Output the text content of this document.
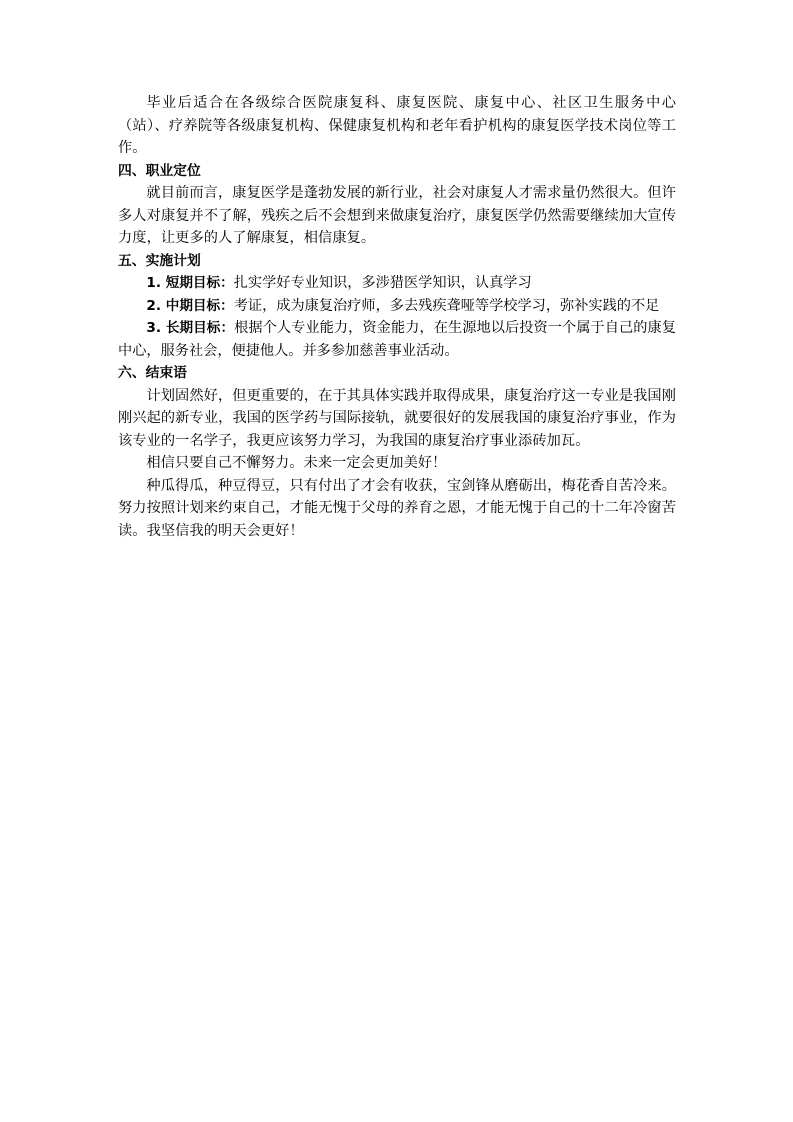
毕业后适合在各级综合医院康复科、康复医院、康复中心、社区卫生服务中心（站）、疗养院等各级康复机构、保健康复机构和老年看护机构的康复医学技术岗位等工作。

四、职业定位

就目前而言，康复医学是蓬勃发展的新行业，社会对康复人才需求量仍然很大。但许多人对康复并不了解，残疾之后不会想到来做康复治疗，康复医学仍然需要继续加大宣传力度，让更多的人了解康复，相信康复。

五、实施计划

1. 短期目标：扎实学好专业知识，多涉猎医学知识，认真学习

2. 中期目标：考证，成为康复治疗师，多去残疾聋哑等学校学习，弥补实践的不足

3. 长期目标：根据个人专业能力，资金能力，在生源地以后投资一个属于自己的康复中心，服务社会，便捷他人。并多参加慈善事业活动。

六、结束语

计划固然好，但更重要的，在于其具体实践并取得成果，康复治疗这一专业是我国刚刚兴起的新专业，我国的医学药与国际接轨，就要很好的发展我国的康复治疗事业，作为该专业的一名学子，我更应该努力学习，为我国的康复治疗事业添砖加瓦。

相信只要自己不懈努力。未来一定会更加美好！

种瓜得瓜，种豆得豆，只有付出了才会有收获，宝剑锋从磨砺出，梅花香自苦冷来。努力按照计划来约束自己，才能无愧于父母的养育之恩，才能无愧于自己的十二年冷窗苦读。我坚信我的明天会更好！
